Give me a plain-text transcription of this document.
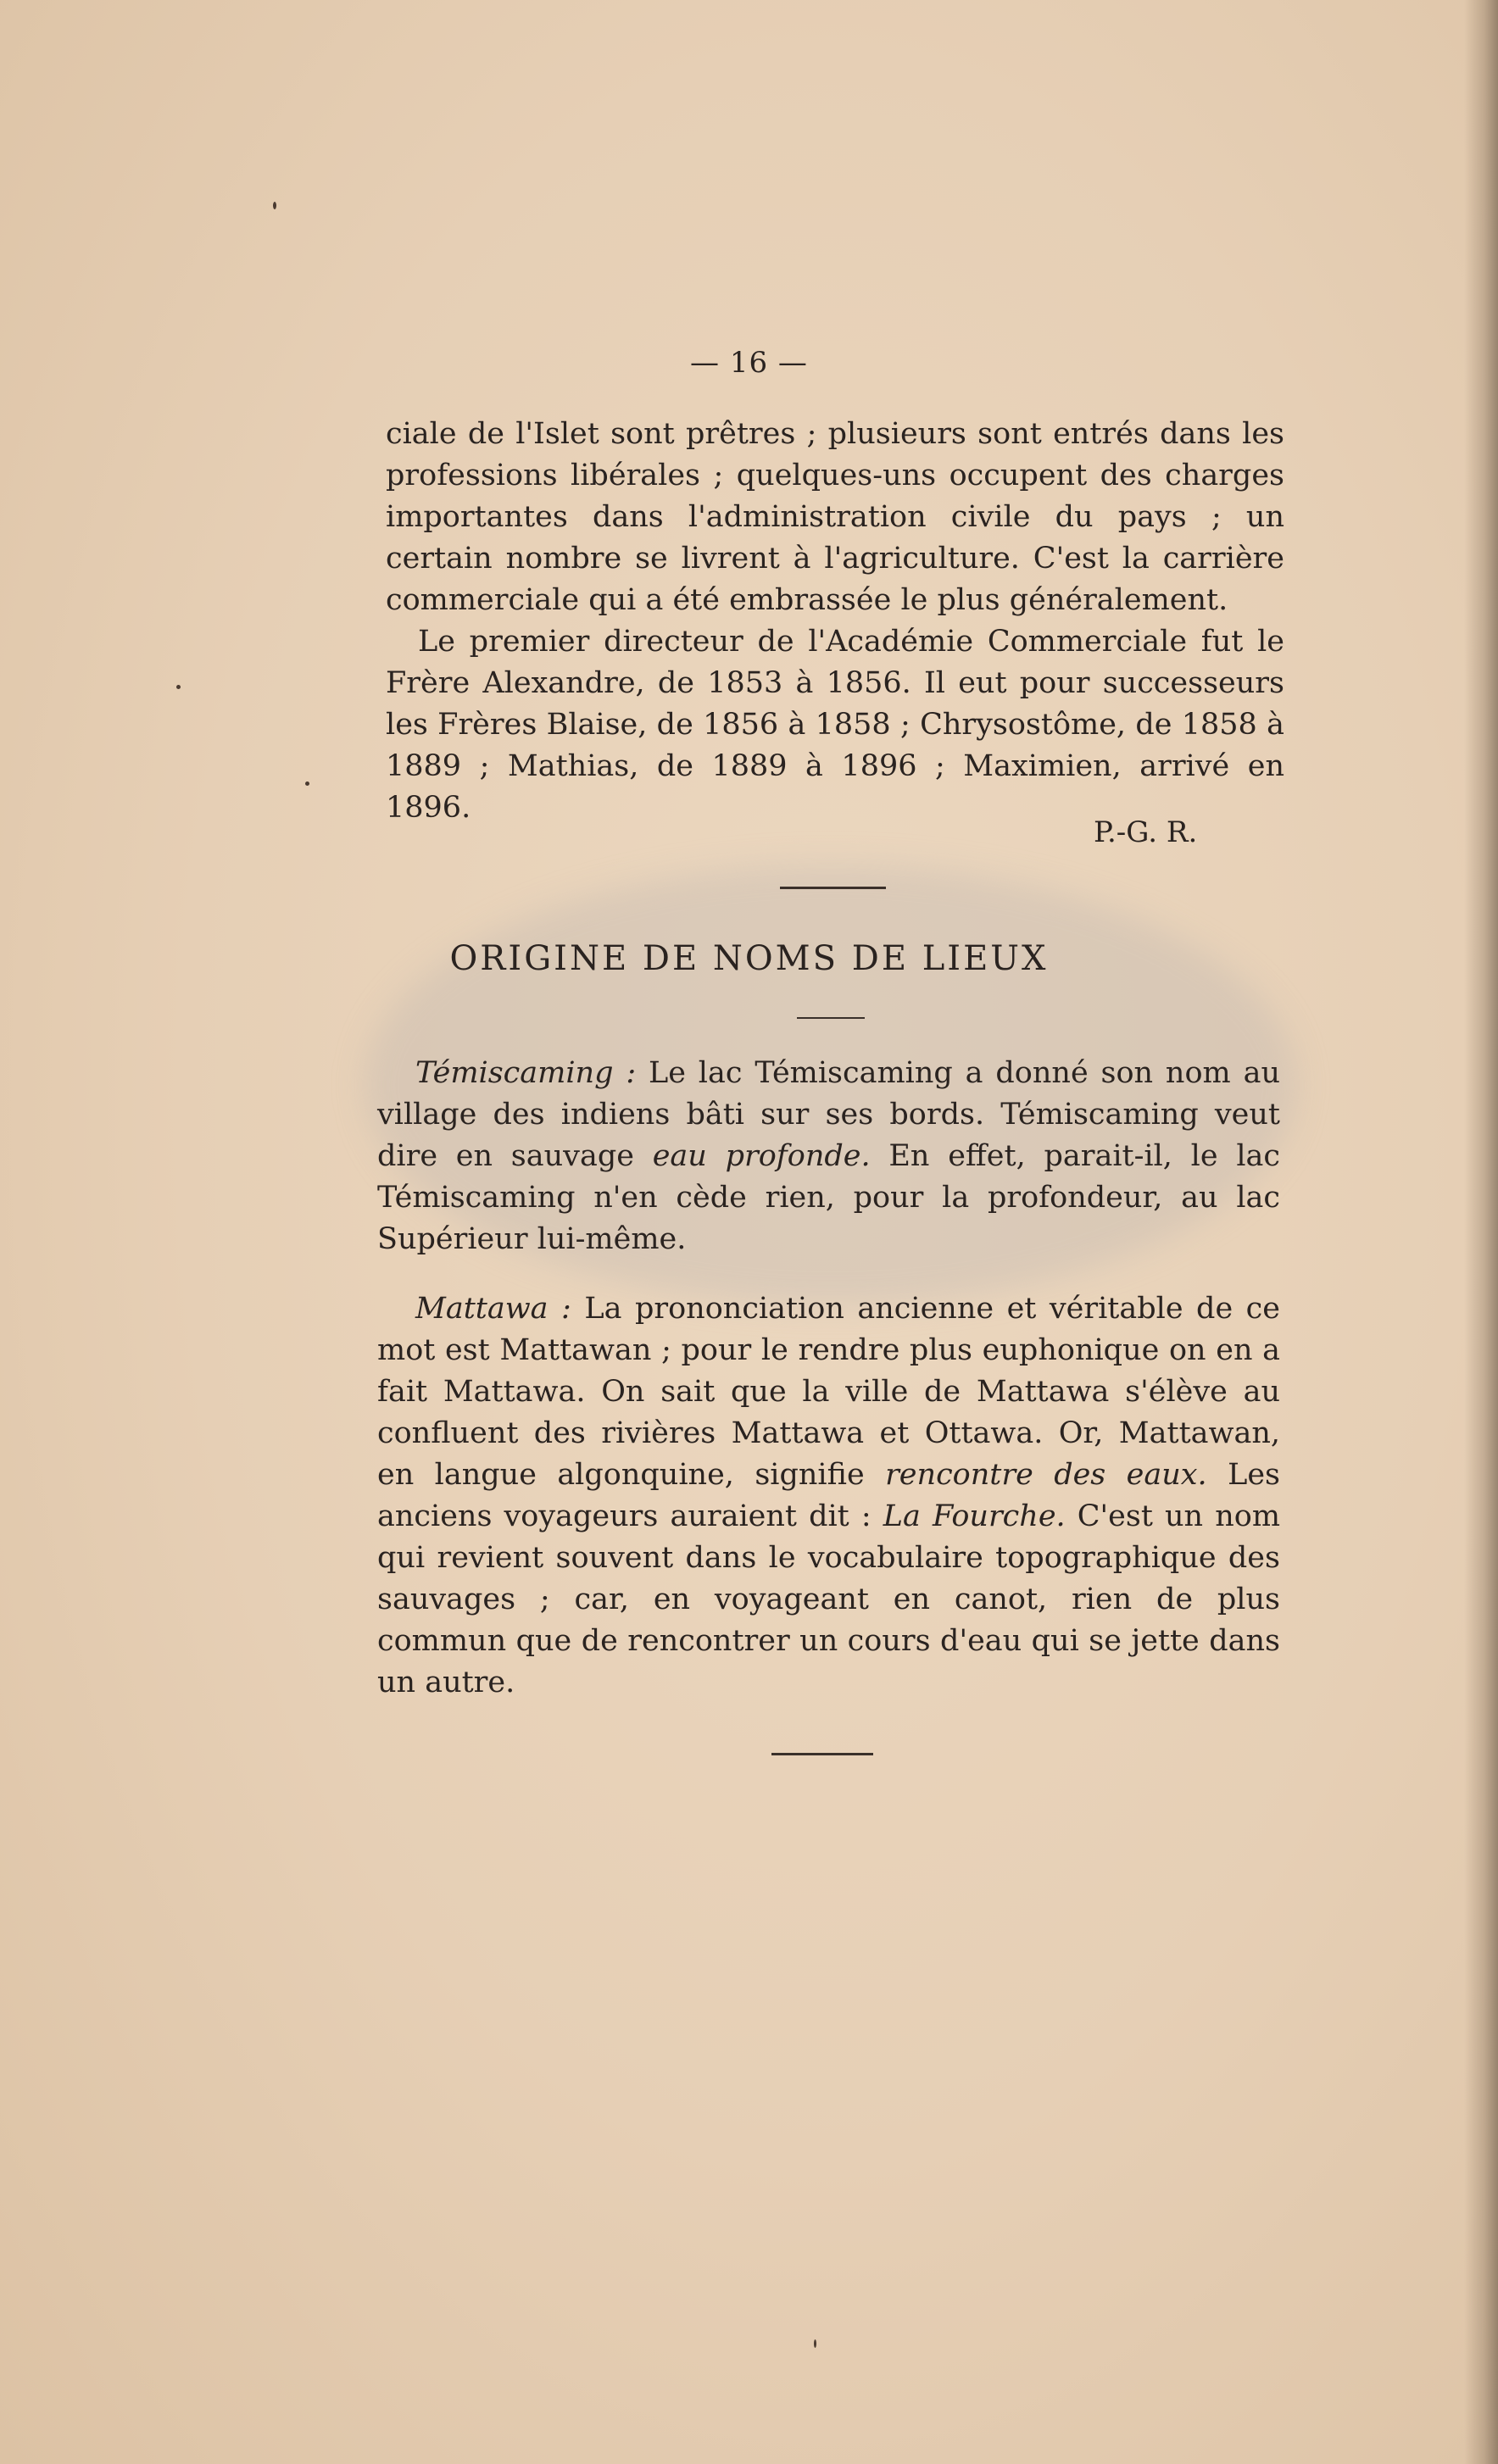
— 16 —

ciale de l'Islet sont prêtres ; plusieurs sont entrés dans les professions libérales ; quelques-uns occupent des charges importantes dans l'administration civile du pays ; un certain nombre se livrent à l'agriculture. C'est la carrière commerciale qui a été embrassée le plus généralement.

Le premier directeur de l'Académie Commerciale fut le Frère Alexandre, de 1853 à 1856. Il eut pour successeurs les Frères Blaise, de 1856 à 1858 ; Chrysostôme, de 1858 à 1889 ; Mathias, de 1889 à 1896 ; Maximien, arrivé en 1896.

P.-G. R.
ORIGINE DE NOMS DE LIEUX

Témiscaming : Le lac Témiscaming a donné son nom au village des indiens bâti sur ses bords. Témiscaming veut dire en sauvage eau profonde. En effet, parait-il, le lac Témiscaming n'en cède rien, pour la profondeur, au lac Supérieur lui-même.

Mattawa : La prononciation ancienne et véritable de ce mot est Mattawan ; pour le rendre plus euphonique on en a fait Mattawa. On sait que la ville de Mattawa s'élève au confluent des rivières Mattawa et Ottawa. Or, Mattawan, en langue algonquine, signifie rencontre des eaux. Les anciens voyageurs auraient dit : La Fourche. C'est un nom qui revient souvent dans le vocabulaire topographique des sauvages ; car, en voyageant en canot, rien de plus commun que de rencontrer un cours d'eau qui se jette dans un autre.
